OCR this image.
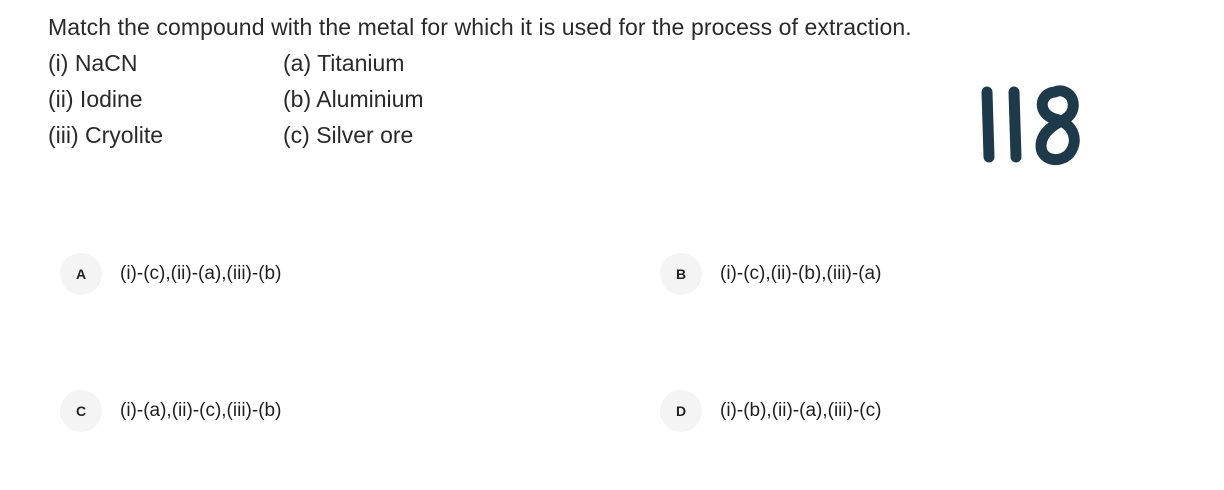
Match the compound with the metal for which it is used for the process of extraction.
(i) NaCN	(a) Titanium
(ii) Iodine	(b) Aluminium
(iii) Cryolite	(c) Silver ore
A	(i)-(c),(ii)-(a),(iii)-(b)	B	(i)-(c),(ii)-(b),(iii)-(a)
C	(i)-(a),(ii)-(c),(iii)-(b)	D	(i)-(b),(ii)-(a),(iii)-(c)
